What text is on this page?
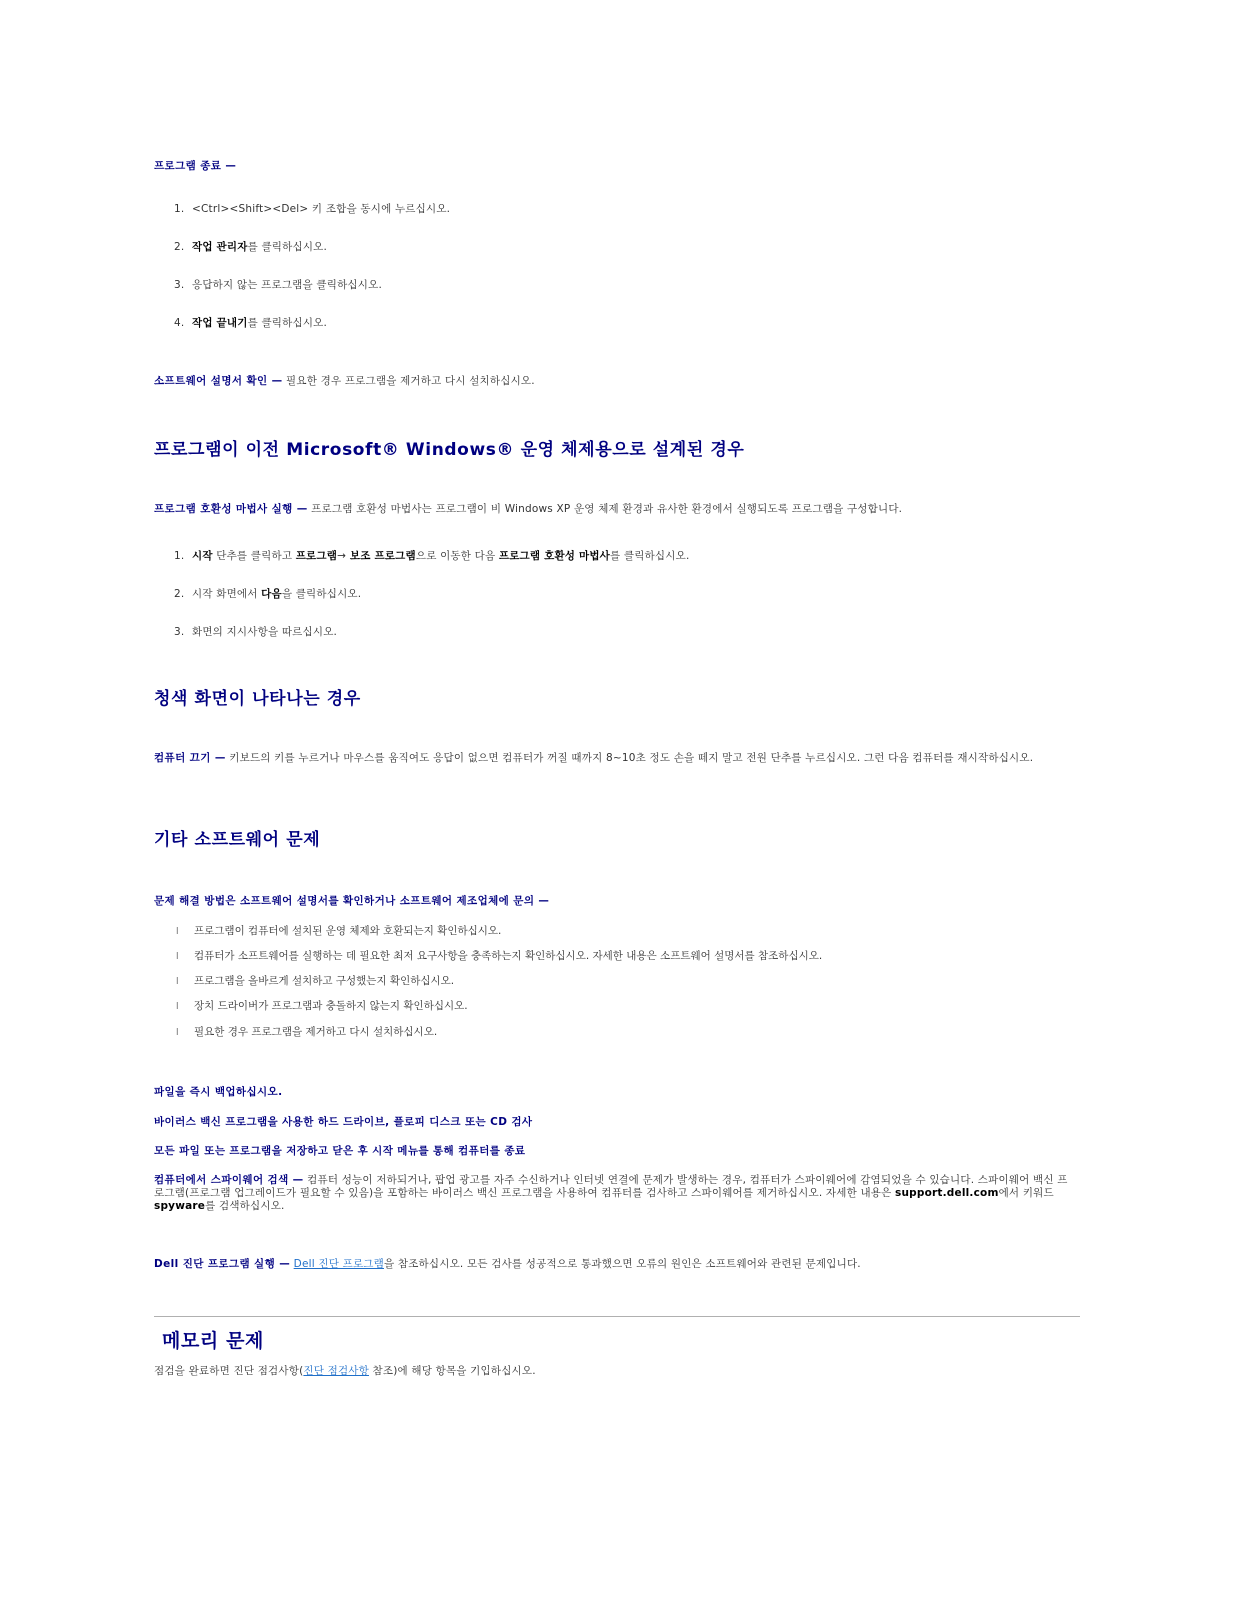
프로그램 종료 —
1. <Ctrl><Shift><Del> 키 조합을 동시에 누르십시오.
2. 작업 관리자를 클릭하십시오.
3. 응답하지 않는 프로그램을 클릭하십시오.
4. 작업 끝내기를 클릭하십시오.
소프트웨어 설명서 확인 — 필요한 경우 프로그램을 제거하고 다시 설치하십시오.
프로그램이 이전 Microsoft® Windows® 운영 체제용으로 설계된 경우
프로그램 호환성 마법사 실행 — 프로그램 호환성 마법사는 프로그램이 비 Windows XP 운영 체제 환경과 유사한 환경에서 실행되도록 프로그램을 구성합니다.
1. 시작 단추를 클릭하고 프로그램→ 보조 프로그램으로 이동한 다음 프로그램 호환성 마법사를 클릭하십시오.
2. 시작 화면에서 다음을 클릭하십시오.
3. 화면의 지시사항을 따르십시오.
청색 화면이 나타나는 경우
컴퓨터 끄기 — 키보드의 키를 누르거나 마우스를 움직여도 응답이 없으면 컴퓨터가 꺼질 때까지 8~10초 정도 손을 떼지 말고 전원 단추를 누르십시오. 그런 다음 컴퓨터를 재시작하십시오.
기타 소프트웨어 문제
문제 해결 방법은 소프트웨어 설명서를 확인하거나 소프트웨어 제조업체에 문의 —
l 프로그램이 컴퓨터에 설치된 운영 체제와 호환되는지 확인하십시오.
l 컴퓨터가 소프트웨어를 실행하는 데 필요한 최저 요구사항을 충족하는지 확인하십시오. 자세한 내용은 소프트웨어 설명서를 참조하십시오.
l 프로그램을 올바르게 설치하고 구성했는지 확인하십시오.
l 장치 드라이버가 프로그램과 충돌하지 않는지 확인하십시오.
l 필요한 경우 프로그램을 제거하고 다시 설치하십시오.
파일을 즉시 백업하십시오.
바이러스 백신 프로그램을 사용한 하드 드라이브, 플로피 디스크 또는 CD 검사
모든 파일 또는 프로그램을 저장하고 닫은 후 시작 메뉴를 통해 컴퓨터를 종료
컴퓨터에서 스파이웨어 검색 — 컴퓨터 성능이 저하되거나, 팝업 광고를 자주 수신하거나 인터넷 연결에 문제가 발생하는 경우, 컴퓨터가 스파이웨어에 감염되었을 수 있습니다. 스파이웨어 백신 프로그램(프로그램 업그레이드가 필요할 수 있음)을 포함하는 바이러스 백신 프로그램을 사용하여 컴퓨터를 검사하고 스파이웨어를 제거하십시오. 자세한 내용은 support.dell.com에서 키워드 spyware를 검색하십시오.
Dell 진단 프로그램 실행 — Dell 진단 프로그램을 참조하십시오. 모든 검사를 성공적으로 통과했으면 오류의 원인은 소프트웨어와 관련된 문제입니다.
메모리 문제
점검을 완료하면 진단 점검사항(진단 점검사항 참조)에 해당 항목을 기입하십시오.
